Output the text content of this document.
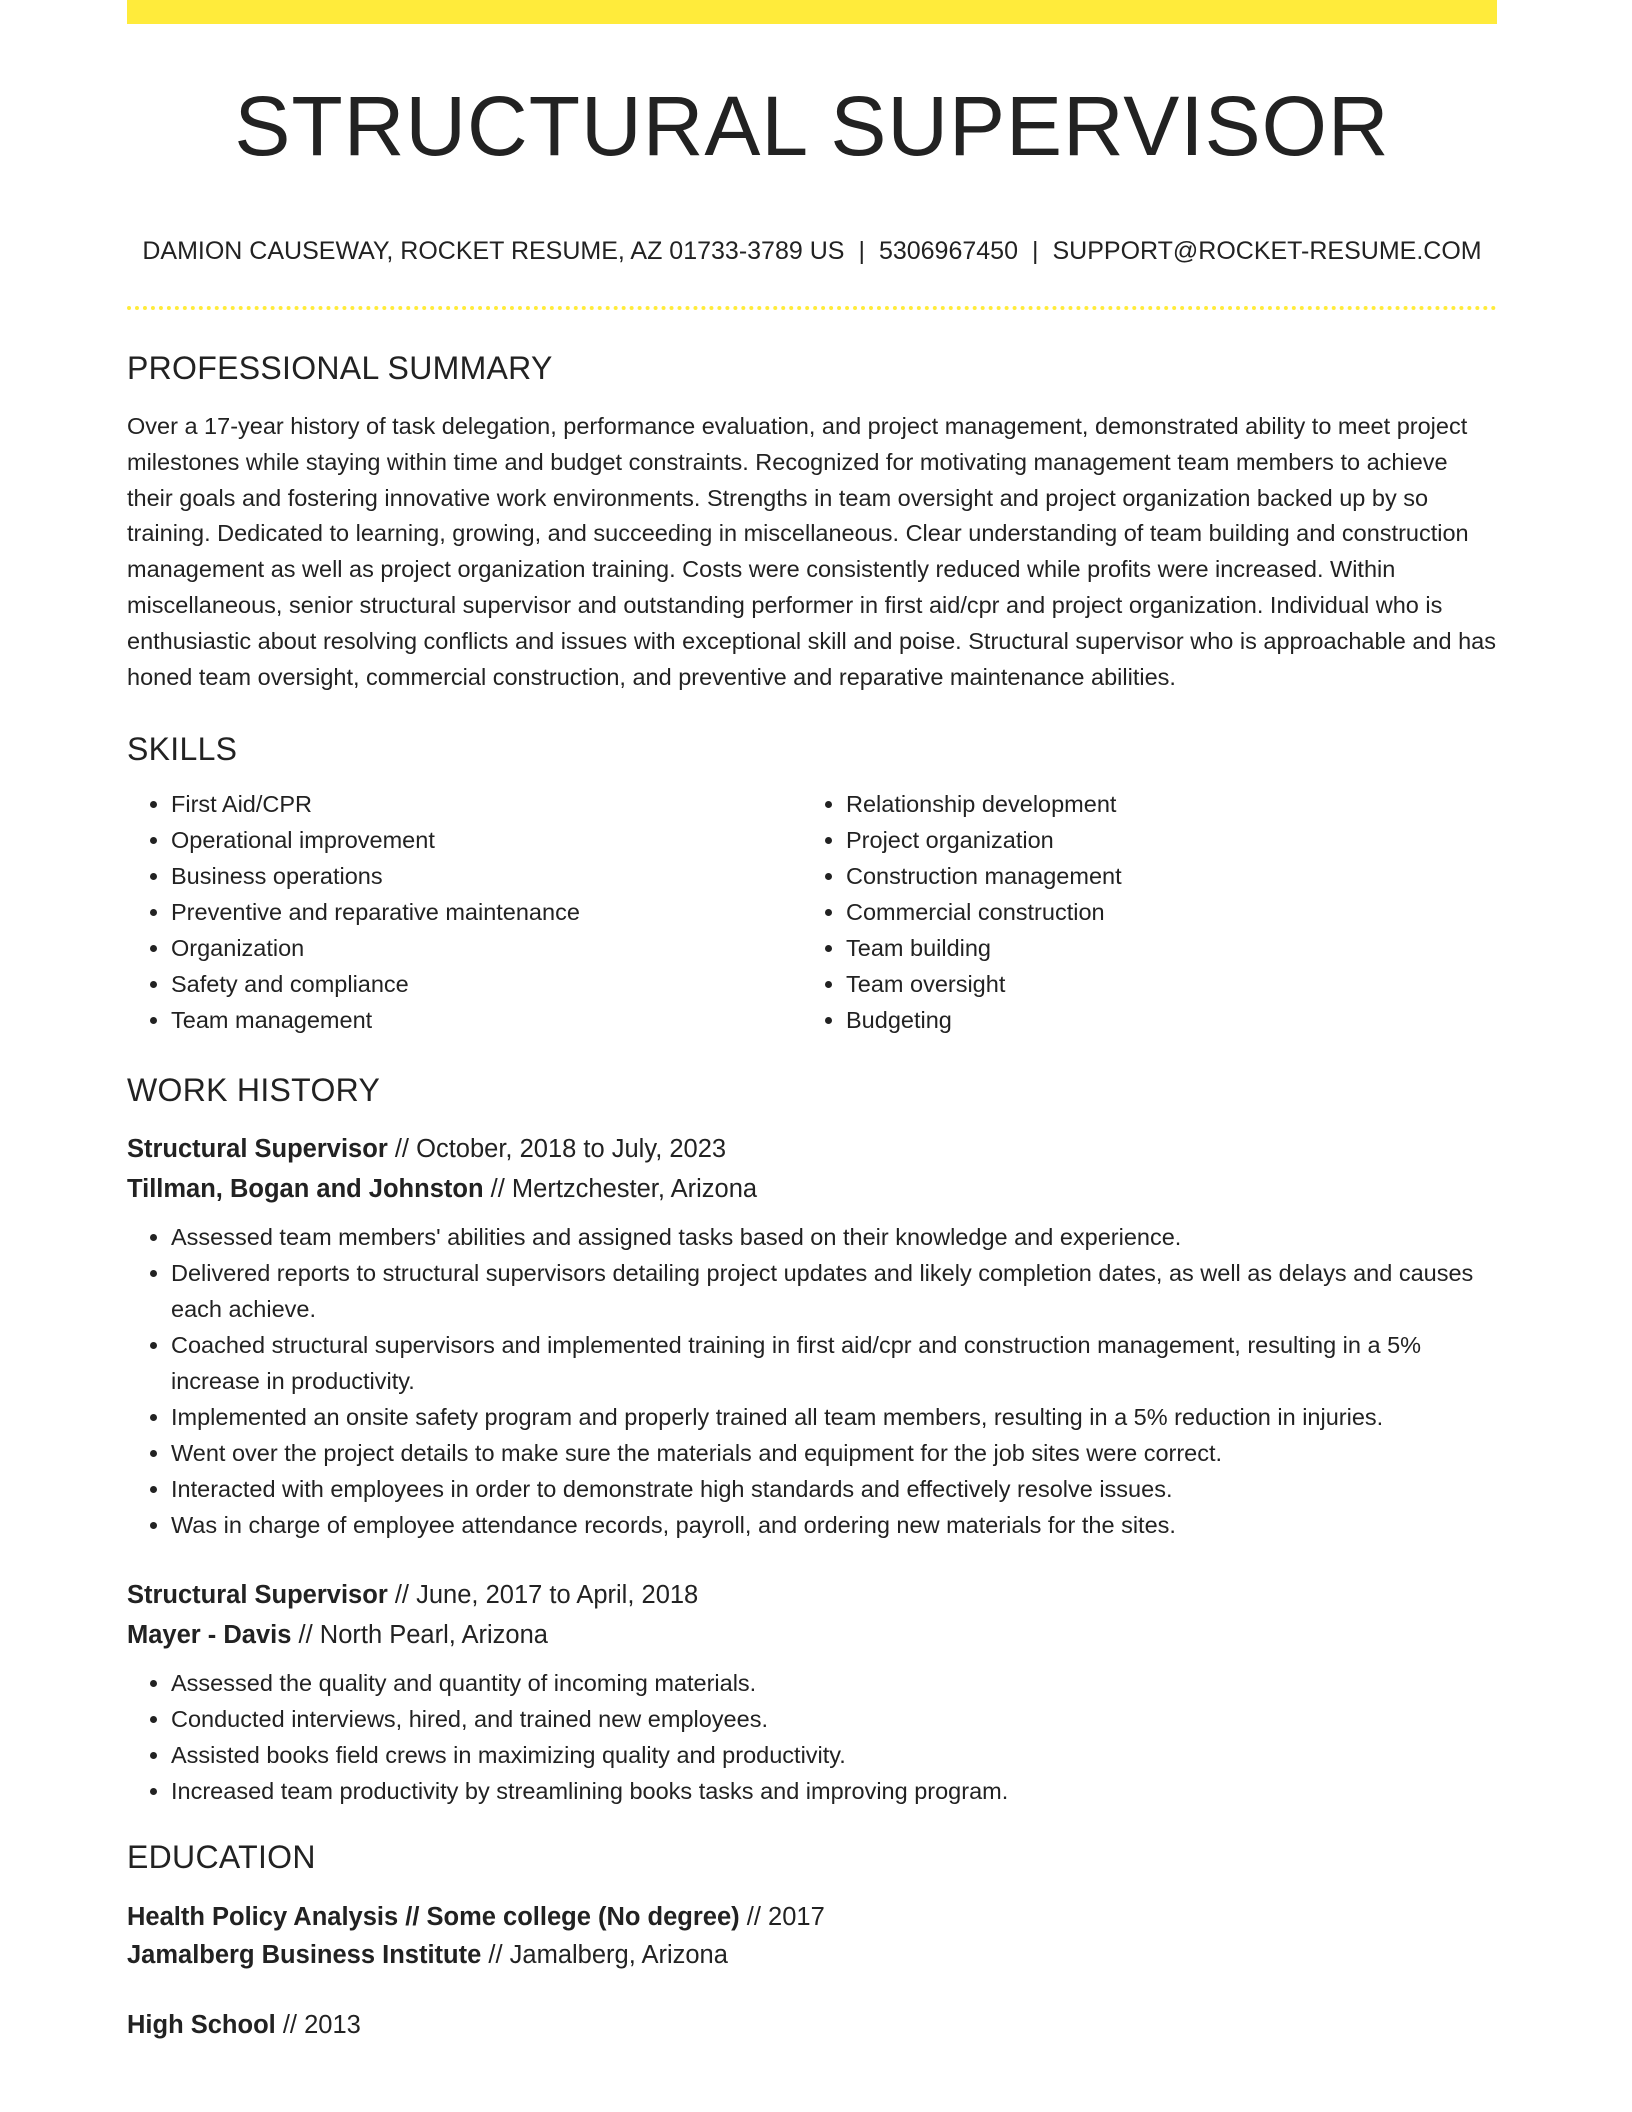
STRUCTURAL SUPERVISOR
DAMION CAUSEWAY, ROCKET RESUME, AZ 01733-3789 US | 5306967450 | SUPPORT@ROCKET-RESUME.COM
PROFESSIONAL SUMMARY

Over a 17-year history of task delegation, performance evaluation, and project management, demonstrated ability to meet project milestones while staying within time and budget constraints. Recognized for motivating management team members to achieve their goals and fostering innovative work environments. Strengths in team oversight and project organization backed up by so training. Dedicated to learning, growing, and succeeding in miscellaneous. Clear understanding of team building and construction management as well as project organization training. Costs were consistently reduced while profits were increased. Within miscellaneous, senior structural supervisor and outstanding performer in first aid/cpr and project organization. Individual who is enthusiastic about resolving conflicts and issues with exceptional skill and poise. Structural supervisor who is approachable and has honed team oversight, commercial construction, and preventive and reparative maintenance abilities.

SKILLS
• First Aid/CPR
• Operational improvement
• Business operations
• Preventive and reparative maintenance
• Organization
• Safety and compliance
• Team management
• Relationship development
• Project organization
• Construction management
• Commercial construction
• Team building
• Team oversight
• Budgeting
WORK HISTORY
Structural Supervisor // October, 2018 to July, 2023
Tillman, Bogan and Johnston // Mertzchester, Arizona
• Assessed team members' abilities and assigned tasks based on their knowledge and experience.
• Delivered reports to structural supervisors detailing project updates and likely completion dates, as well as delays and causes each achieve.
• Coached structural supervisors and implemented training in first aid/cpr and construction management, resulting in a 5% increase in productivity.
• Implemented an onsite safety program and properly trained all team members, resulting in a 5% reduction in injuries.
• Went over the project details to make sure the materials and equipment for the job sites were correct.
• Interacted with employees in order to demonstrate high standards and effectively resolve issues.
• Was in charge of employee attendance records, payroll, and ordering new materials for the sites.
Structural Supervisor // June, 2017 to April, 2018
Mayer - Davis // North Pearl, Arizona
• Assessed the quality and quantity of incoming materials.
• Conducted interviews, hired, and trained new employees.
• Assisted books field crews in maximizing quality and productivity.
• Increased team productivity by streamlining books tasks and improving program.
EDUCATION
Health Policy Analysis // Some college (No degree) // 2017
Jamalberg Business Institute // Jamalberg, Arizona
High School // 2013
